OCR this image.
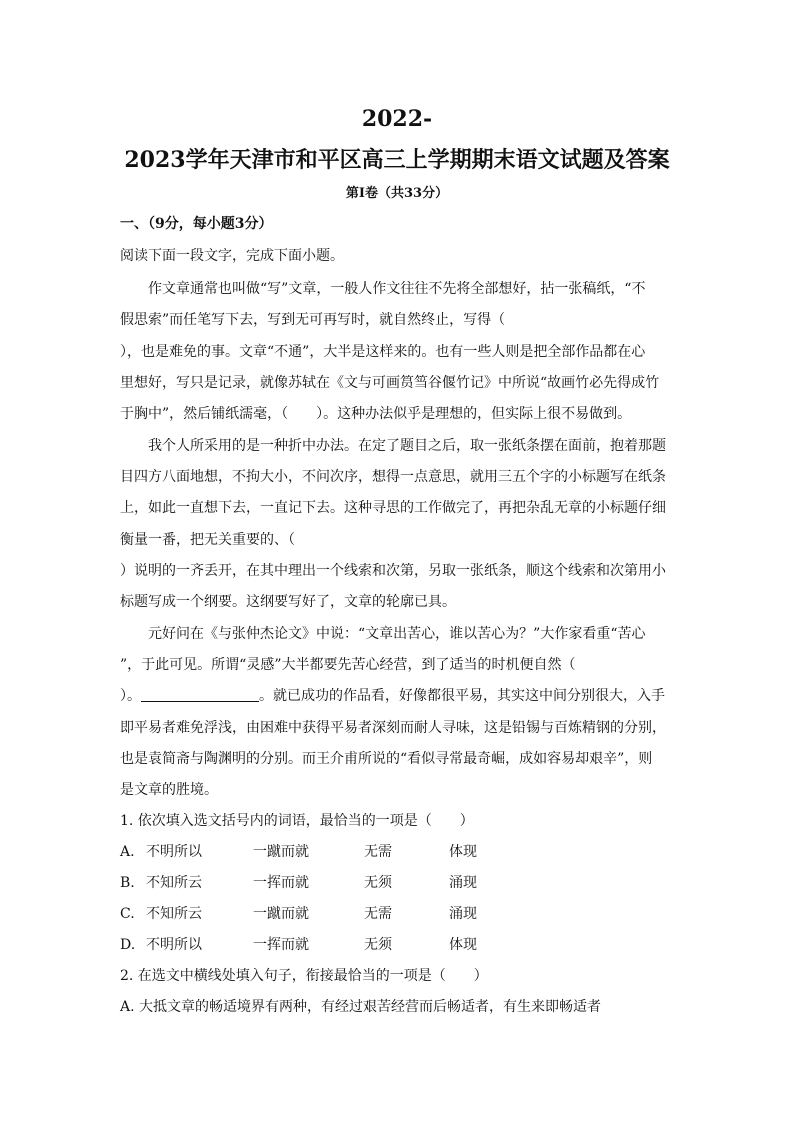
2022-
2023学年天津市和平区高三上学期期末语文试题及答案
第Ⅰ卷（共33分）
一、（9分，每小题3分）
阅读下面一段文字，完成下面小题。
作文章通常也叫做“写”文章，一般人作文往往不先将全部想好，拈一张稿纸，“不
假思索”而任笔写下去，写到无可再写时，就自然终止，写得（
），也是难免的事。文章“不通”，大半是这样来的。也有一些人则是把全部作品都在心
里想好，写只是记录，就像苏轼在《文与可画筼筜谷偃竹记》中所说“故画竹必先得成竹
于胸中”，然后铺纸濡毫，（　　）。这种办法似乎是理想的，但实际上很不易做到。
我个人所采用的是一种折中办法。在定了题目之后，取一张纸条摆在面前，抱着那题
目四方八面地想，不拘大小，不问次序，想得一点意思，就用三五个字的小标题写在纸条
上，如此一直想下去，一直记下去。这种寻思的工作做完了，再把杂乱无章的小标题仔细
衡量一番，把无关重要的、（
）说明的一齐丢开，在其中理出一个线索和次第，另取一张纸条，顺这个线索和次第用小
标题写成一个纲要。这纲要写好了，文章的轮廓已具。
元好问在《与张仲杰论文》中说：“文章出苦心，谁以苦心为？”大作家看重“苦心
”，于此可见。所谓“灵感”大半都要先苦心经营，到了适当的时机便自然（
）。	。就已成功的作品看，好像都很平易，其实这中间分别很大，入手
即平易者难免浮浅，由困难中获得平易者深刻而耐人寻味，这是铅锡与百炼精钢的分别，
也是袁简斋与陶渊明的分别。而王介甫所说的“看似寻常最奇崛，成如容易却艰辛”，则
是文章的胜境。
1. 依次填入选文括号内的词语，最恰当的一项是（　　）
A. 不明所以	一蹴而就	无需	体现
B. 不知所云	一挥而就	无须	涌现
C. 不知所云	一蹴而就	无需	涌现
D. 不明所以	一挥而就	无须	体现
2. 在选文中横线处填入句子，衔接最恰当的一项是（　　）
A. 大抵文章的畅适境界有两种，有经过艰苦经营而后畅适者，有生来即畅适者
